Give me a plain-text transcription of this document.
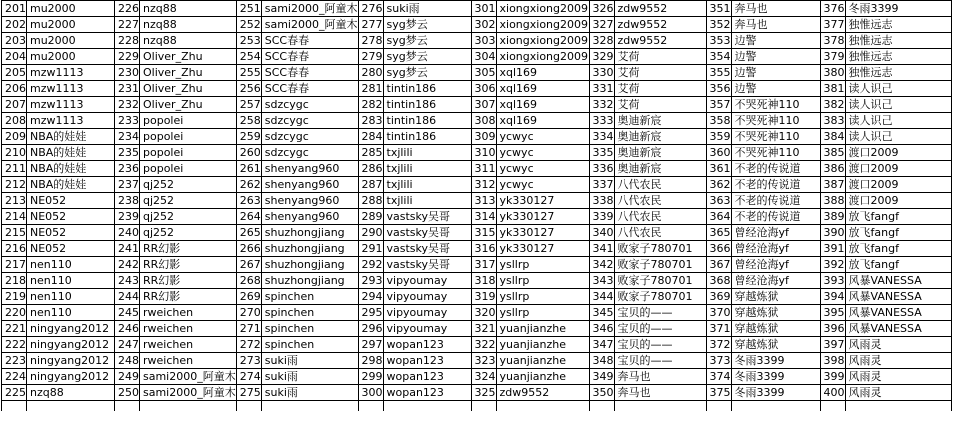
201	mu2000	226	nzq88	251	sami2000_阿童木	276	suki雨	301	xiongxiong2009	326	zdw9552	351	奔马也	376	冬雨3399
202	mu2000	227	nzq88	252	sami2000_阿童木	277	syg梦云	302	xiongxiong2009	327	zdw9552	352	奔马也	377	独惟远志
203	mu2000	228	nzq88	253	SCC春春	278	syg梦云	303	xiongxiong2009	328	zdw9552	353	边警	378	独惟远志
204	mu2000	229	Oliver_Zhu	254	SCC春春	279	syg梦云	304	xiongxiong2009	329	艾荷	354	边警	379	独惟远志
205	mzw1113	230	Oliver_Zhu	255	SCC春春	280	syg梦云	305	xql169	330	艾荷	355	边警	380	独惟远志
206	mzw1113	231	Oliver_Zhu	256	SCC春春	281	tintin186	306	xql169	331	艾荷	356	边警	381	读人识己
207	mzw1113	232	Oliver_Zhu	257	sdzcygc	282	tintin186	307	xql169	332	艾荷	357	不哭死神110	382	读人识己
208	mzw1113	233	popolei	258	sdzcygc	283	tintin186	308	xql169	333	奥迪新宸	358	不哭死神110	383	读人识己
209	NBA的娃娃	234	popolei	259	sdzcygc	284	tintin186	309	ycwyc	334	奥迪新宸	359	不哭死神110	384	读人识己
210	NBA的娃娃	235	popolei	260	sdzcygc	285	txjlili	310	ycwyc	335	奥迪新宸	360	不哭死神110	385	渡口2009
211	NBA的娃娃	236	popolei	261	shenyang960	286	txjlili	311	ycwyc	336	奥迪新宸	361	不老的传说道	386	渡口2009
212	NBA的娃娃	237	qj252	262	shenyang960	287	txjlili	312	ycwyc	337	八代农民	362	不老的传说道	387	渡口2009
213	NE052	238	qj252	263	shenyang960	288	txjlili	313	yk330127	338	八代农民	363	不老的传说道	388	渡口2009
214	NE052	239	qj252	264	shenyang960	289	vastsky吴哥	314	yk330127	339	八代农民	364	不老的传说道	389	放飞fangf
215	NE052	240	qj252	265	shuzhongjiang	290	vastsky吴哥	315	yk330127	340	八代农民	365	曾经沧海yf	390	放飞fangf
216	NE052	241	RR幻影	266	shuzhongjiang	291	vastsky吴哥	316	yk330127	341	败家子780701	366	曾经沧海yf	391	放飞fangf
217	nen110	242	RR幻影	267	shuzhongjiang	292	vastsky吴哥	317	ysllrp	342	败家子780701	367	曾经沧海yf	392	放飞fangf
218	nen110	243	RR幻影	268	shuzhongjiang	293	vipyoumay	318	ysllrp	343	败家子780701	368	曾经沧海yf	393	风暴VANESSA
219	nen110	244	RR幻影	269	spinchen	294	vipyoumay	319	ysllrp	344	败家子780701	369	穿越炼狱	394	风暴VANESSA
220	nen110	245	rweichen	270	spinchen	295	vipyoumay	320	ysllrp	345	宝贝的——	370	穿越炼狱	395	风暴VANESSA
221	ningyang2012	246	rweichen	271	spinchen	296	vipyoumay	321	yuanjianzhe	346	宝贝的——	371	穿越炼狱	396	风暴VANESSA
222	ningyang2012	247	rweichen	272	spinchen	297	wopan123	322	yuanjianzhe	347	宝贝的——	372	穿越炼狱	397	风雨灵
223	ningyang2012	248	rweichen	273	suki雨	298	wopan123	323	yuanjianzhe	348	宝贝的——	373	冬雨3399	398	风雨灵
224	ningyang2012	249	sami2000_阿童木	274	suki雨	299	wopan123	324	yuanjianzhe	349	奔马也	374	冬雨3399	399	风雨灵
225	nzq88	250	sami2000_阿童木	275	suki雨	300	wopan123	325	zdw9552	350	奔马也	375	冬雨3399	400	风雨灵
